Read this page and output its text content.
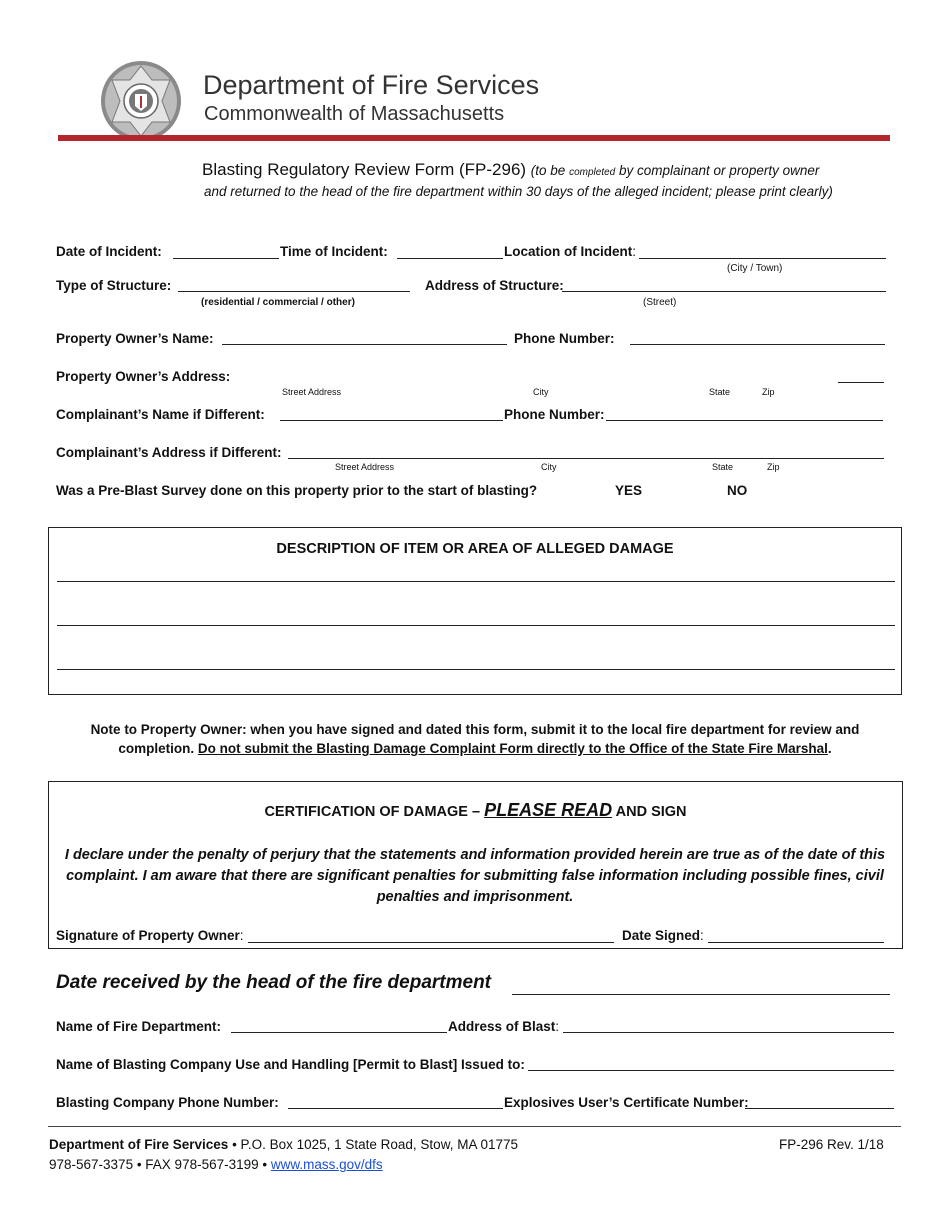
Department of Fire Services
Commonwealth of Massachusetts
Blasting Regulatory Review Form (FP-296) (to be completed by complainant or property owner
and returned to the head of the fire department within 30 days of the alleged incident; please print clearly)
Date of Incident:	Time of Incident:	Location of Incident:
(City / Town)
Type of Structure:
(residential / commercial / other)
Address of Structure:
(Street)
Property Owner’s Name:	Phone Number:
Property Owner’s Address:
Street Address	City	State	Zip
Complainant’s Name if Different:	Phone Number:
Complainant’s Address if Different:
Street Address	City	State	Zip
Was a Pre-Blast Survey done on this property prior to the start of blasting?	YES	NO
DESCRIPTION OF ITEM OR AREA OF ALLEGED DAMAGE
Note to Property Owner: when you have signed and dated this form, submit it to the local fire department for review and completion. Do not submit the Blasting Damage Complaint Form directly to the Office of the State Fire Marshal.
CERTIFICATION OF DAMAGE – PLEASE READ AND SIGN
I declare under the penalty of perjury that the statements and information provided herein are true as of the date of this complaint. I am aware that there are significant penalties for submitting false information including possible fines, civil penalties and imprisonment.
Signature of Property Owner:	Date Signed:
Date received by the head of the fire department
Name of Fire Department:	Address of Blast:
Name of Blasting Company Use and Handling [Permit to Blast] Issued to:
Blasting Company Phone Number:	Explosives User’s Certificate Number:
Department of Fire Services • P.O. Box 1025, 1 State Road, Stow, MA 01775
978-567-3375 • FAX 978-567-3199 • www.mass.gov/dfs
FP-296 Rev. 1/18
